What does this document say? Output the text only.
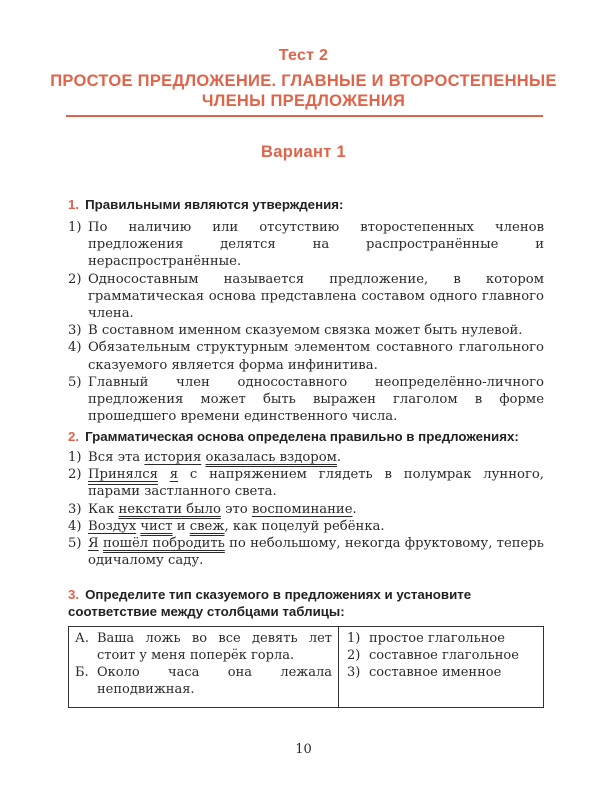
Тест 2
ПРОСТОЕ ПРЕДЛОЖЕНИЕ. ГЛАВНЫЕ И ВТОРОСТЕПЕННЫЕ
ЧЛЕНЫ ПРЕДЛОЖЕНИЯ
Вариант 1
1. Правильными являются утверждения:
1) По наличию или отсутствию второстепенных членов предложения делятся на распространённые и нераспространённые.
2) Односоставным называется предложение, в котором грамматическая основа представлена составом одного главного члена.
3) В составном именном сказуемом связка может быть нулевой.
4) Обязательным структурным элементом составного глагольного сказуемого является форма инфинитива.
5) Главный член односоставного неопределённо-личного предложения может быть выражен глаголом в форме прошедшего времени единственного числа.
2. Грамматическая основа определена правильно в предложениях:
1) Вся эта история оказалась вздором.
2) Принялся я с напряжением глядеть в полумрак лунного, парами застланного света.
3) Как некстати было это воспоминание.
4) Воздух чист и свеж, как поцелуй ребёнка.
5) Я пошёл побродить по небольшому, некогда фруктовому, теперь одичалому саду.
3. Определите тип сказуемого в предложениях и установите соответствие между столбцами таблицы:
А. Ваша ложь во все девять лет стоит у меня поперёк горла.
Б. Около часа она лежала неподвижная.
1) простое глагольное
2) составное глагольное
3) составное именное
10
